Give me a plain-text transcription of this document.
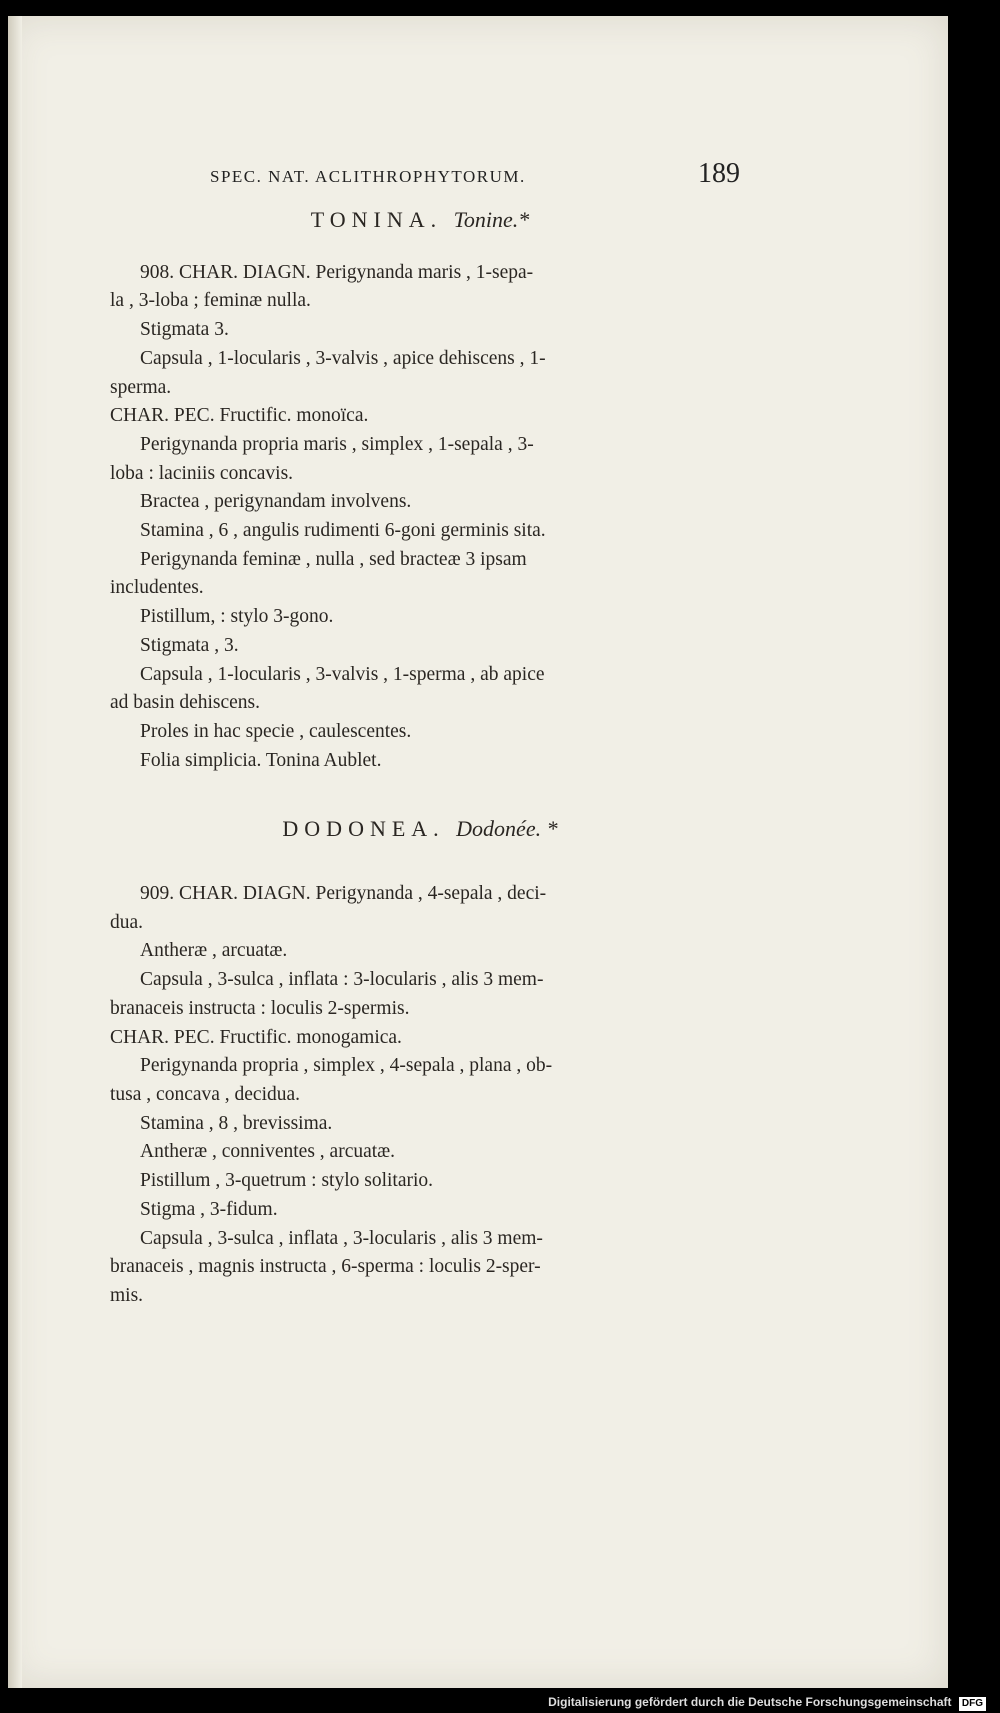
SPEC. NAT. ACLITHROPHYTORUM.	189

TONINA. Tonine.*

908. CHAR. DIAGN. Perigynanda maris , 1-sepa-

la , 3-loba ; feminæ nulla.

Stigmata 3.

Capsula , 1-locularis , 3-valvis , apice dehiscens , 1-

sperma.

CHAR. PEC. Fructific. monoïca.

Perigynanda propria maris , simplex , 1-sepala , 3-

loba : laciniis concavis.

Bractea , perigynandam involvens.

Stamina , 6 , angulis rudimenti 6-goni germinis sita.

Perigynanda feminæ , nulla , sed bracteæ 3 ipsam

includentes.

Pistillum, : stylo 3-gono.

Stigmata , 3.

Capsula , 1-locularis , 3-valvis , 1-sperma , ab apice

ad basin dehiscens.

Proles in hac specie , caulescentes.

Folia simplicia. Tonina Aublet.

DODONEA. Dodonée. *

909. CHAR. DIAGN. Perigynanda , 4-sepala , deci-

dua.

Antheræ , arcuatæ.

Capsula , 3-sulca , inflata : 3-locularis , alis 3 mem-

branaceis instructa : loculis 2-spermis.

CHAR. PEC. Fructific. monogamica.

Perigynanda propria , simplex , 4-sepala , plana , ob-

tusa , concava , decidua.

Stamina , 8 , brevissima.

Antheræ , conniventes , arcuatæ.

Pistillum , 3-quetrum : stylo solitario.

Stigma , 3-fidum.

Capsula , 3-sulca , inflata , 3-locularis , alis 3 mem-

branaceis , magnis instructa , 6-sperma : loculis 2-sper-

mis.

Digitalisierung gefördert durch die Deutsche Forschungsgemeinschaft DFG
